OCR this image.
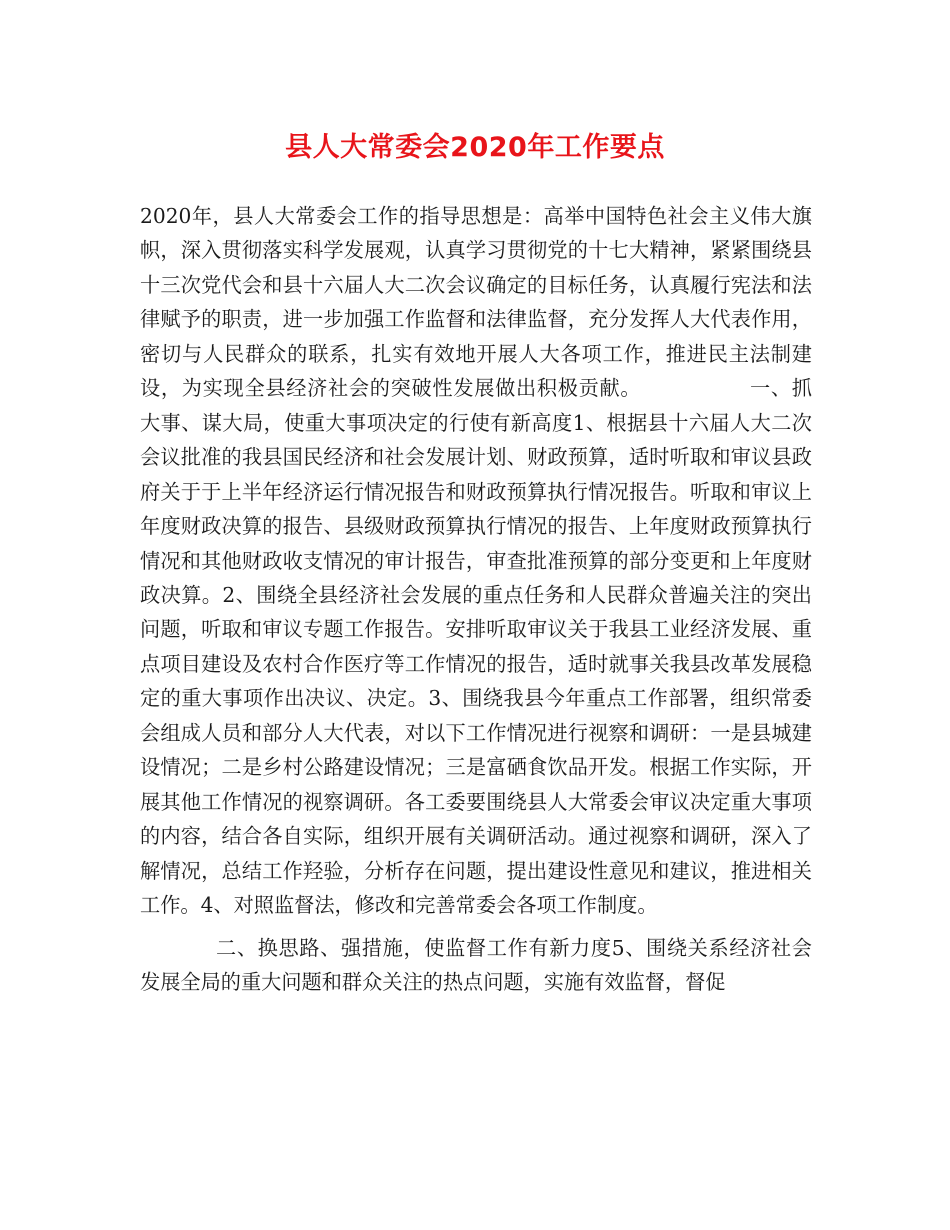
县人大常委会2020年工作要点

2020年，县人大常委会工作的指导思想是：高举中国特色社会主义伟大旗帜，深入贯彻落实科学发展观，认真学习贯彻党的十七大精神，紧紧围绕县十三次党代会和县十六届人大二次会议确定的目标任务，认真履行宪法和法律赋予的职责，进一步加强工作监督和法律监督，充分发挥人大代表作用，密切与人民群众的联系，扎实有效地开展人大各项工作，推进民主法制建设，为实现全县经济社会的突破性发展做出积极贡献。	一、抓大事、谋大局，使重大事项决定的行使有新高度1、根据县十六届人大二次会议批准的我县国民经济和社会发展计划、财政预算，适时听取和审议县政府关于于上半年经济运行情况报告和财政预算执行情况报告。听取和审议上年度财政决算的报告、县级财政预算执行情况的报告、上年度财政预算执行情况和其他财政收支情况的审计报告，审查批准预算的部分变更和上年度财政决算。2、围绕全县经济社会发展的重点任务和人民群众普遍关注的突出问题，听取和审议专题工作报告。安排听取审议关于我县工业经济发展、重点项目建设及农村合作医疗等工作情况的报告，适时就事关我县改革发展稳定的重大事项作出决议、决定。3、围绕我县今年重点工作部署，组织常委会组成人员和部分人大代表，对以下工作情况进行视察和调研：一是县城建设情况；二是乡村公路建设情况；三是富硒食饮品开发。根据工作实际，开展其他工作情况的视察调研。各工委要围绕县人大常委会审议决定重大事项的内容，结合各自实际，组织开展有关调研活动。通过视察和调研，深入了解情况，总结工作羟验，分析存在问题，提出建设性意见和建议，推进相关工作。4、对照监督法，修改和完善常委会各项工作制度。

二、换思路、强措施，使监督工作有新力度5、围绕关系经济社会发展全局的重大问题和群众关注的热点问题，实施有效监督，督促
